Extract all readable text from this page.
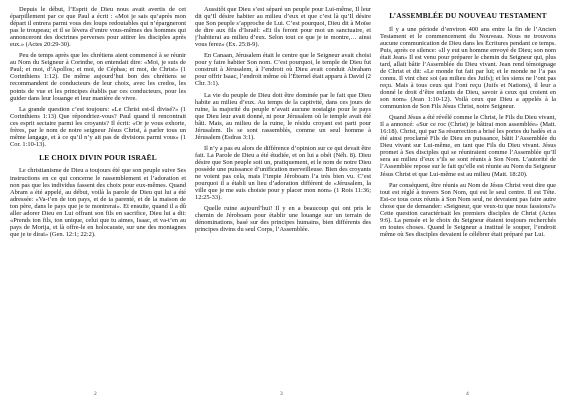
Depuis le début, l’Esprit de Dieu nous avait avertis de cet éparpillement par ce que Paul a écrit : «Moi je sais qu’après mon départ il entrera parmi vous des loups redoutables qui n’épargneront pas le troupeau; et il se lèvera d’entre vous-mêmes des hommes qui annonceront des doctrines perverses pour attirer les disciples après eux.» (Actes 20:29-30).

Peu de temps après que les chrétiens aient commencé à se réunir au Nom du Seigneur à Corinthe, on entendait dire: «Moi, je suis de Paul; et moi, d’Apollos; et moi, de Céphas; et moi, de Christ» (1 Corinthiens 1:12). De même aujourd’hui bon des chrétiens se recommandent de conducteurs de leur choix, avec les credos, les points de vue et les principes établis par ces conducteurs, pour les guider dans leur louange et leur manière de vivre.

La grande question c’est toujours: «Le Christ est-il divisé?» (1 Corinthiens 1:13) Que répondriez-vous? Paul quand il rencontrait ces esprit sectaire parmi les croyants? Il écrit: «Or je vous exhorte, frères, par le nom de notre seigneur Jésus Christ, à parler tous un même langage, et à ce qu’il n’y ait pas de divisions parmi vous» (1 Cor. 1:10-13).

LE CHOIX DIVIN POUR ISRAËL

Le christianisme de Dieu a toujours été que son peuple suive Ses instructions en ce qui concerne le rassemblement et l’adoration et non pas que les individus fassent des choix pour eux-mêmes. Quand Abram a été appelé, au début, voilà la parole de Dieu qui lui a été adressée: «Va-t’en de ton pays, et de ta parenté, et de la maison de ton père, dans le pays que je te montrerai». Et ensuite, quand il a dû aller adorer Dieu en Lui offrant son fils en sacrifice, Dieu lui a dit: «Prends ton fils, ton unique, celui que tu aimes, Isaac, et va-t’en au pays de Morija, et là offre-le en holocauste, sur une des montagnes que je te dirai» (Gen. 12:1; 22:2).

Aussitôt que Dieu s’est séparé un peuple pour Lui-même, Il leur dit qu’Il désire habiter au milieu d’eux et que c’est là qu’Il désire que Son peuple s’approche de Lui. C’est pourquoi, Dieu dit à Moïse de dire aux fils d’Israël: «Et ils feront pour moi un sanctuaire, et j’habiterai au milieu d’eux. Selon tout ce que je te montre,… ainsi vous ferez» (Ex. 25:8-9).

En Canaan, Jérusalem était le centre que le Seigneur avait choisi pour y faire habiter Son nom. C’est pourquoi, le temple de Dieu fut construit à Jérusalem, à l’endroit où Dieu avait conduit Abraham pour offrir Isaac, l’endroit même où l’Éternel était apparu à David (2 Chr. 3:1).

La vie du peuple de Dieu doit être dominée par le fait que Dieu habite au milieu d’eux. Au temps de la captivité, dans ces jours de ruine, la majorité du peuple n’avait aucune nostalgie pour le pays que Dieu leur avait donné, ni pour Jérusalem où le temple avait été bâti. Mais, au milieu de la ruine, le résidu croyant est parti pour Jérusalem. Ils se sont rassemblés, comme un seul homme à Jérusalem (Esdras 3:1).

Il n’y a pas eu alors de différence d’opinion sur ce qui devait être fait. La Parole de Dieu a été étudiée, et on lui a obéi (Néh. 8). Dieu désire que Son peuple soit un, pratiquement, et le nom de notre Dieu possède une puissance d’unification merveilleuse. Bien des croyants ne voient pas cela, mais l’impie Jéroboam l’a très bien vu. C’est pourquoi il a établi un lieu d’adoration différent de «Jérusalem, la ville que je me suis choisie pour y placer mon nom» (1 Rois 11:36; 12:25-33).

Quelle ruine aujourd’hui! Il y en a beaucoup qui ont pris le chemin de Jéroboam pour établir une louange sur un terrain de dénominations, basé sur des principes humains, bien différents des principes divins du seul Corps, l’Assemblée.

L’ASSEMBLÉE DU NOUVEAU TESTAMENT

Il y a une période d’environ 400 ans entre la fin de l’Ancien Testament et le commencement du Nouveau. Nous ne trouvons aucune communication de Dieu dans les Écritures pendant ce temps. Puis, après ce silence: «Il y eut un homme envoyé de Dieu; son nom était Jean» Il est venu pour préparer le chemin du Seigneur qui, plus tard, allait bâtir l’Assemblée du Dieu vivant. Jean rend témoignage de Christ et dit: «Le monde fut fait par lui; et le monde ne l’a pas connu. Il vint chez soi (au milieu des Juifs); et les siens ne l’ont pas reçu. Mais à tous ceux qui l’ont reçu (Juifs et Nations), il leur a donné le droit d’être enfants de Dieu, savoir à ceux qui croient en son nom» (Jean 1:10-12). Voilà ceux que Dieu a appelés à la communion de Son Fils Jésus Christ, notre Seigneur.

Quand Jésus a été révélé comme le Christ, le Fils du Dieu vivant, Il a annoncé: «Sur ce roc (Christ) je bâtirai mon assemblée» (Matt. 16:18). Christ, qui par Sa résurrection a brisé les portes du hadès et a été ainsi proclamé Fils de Dieu en puissance, bâtit l’Assemblée du Dieu vivant sur Lui-même, en tant que Fils du Dieu vivant. Jésus promet à Ses disciples qui se réuniraient comme l’Assemblée qu’Il sera au milieu d’eux s’ils se sont réunis à Son Nom. L’autorité de l’Assemblée repose sur le fait qu’elle est réunie au Nom du Seigneur Jésus Christ et que Lui-même est au milieu (Matt. 18:20).

Par conséquent, être réunis au Nom de Jésus Christ veut dire que tout est réglé à travers Son Nom, qui est le seul centre. Il est Tête. Est-ce tous ceux réunis à Son Nom seul, ne devraient pas faire autre chose que de demander: «Seigneur, que veux-tu que nous fassions?» Cette question caractérisait les premiers disciples de Christ (Actes 9:6). La pensée et le choix du Seigneur étaient toujours recherchés en toutes choses. Quand le Seigneur a institué le souper, l’endroit même où Ses disciples devaient le célébrer était préparé par Lui.

2	3	4
